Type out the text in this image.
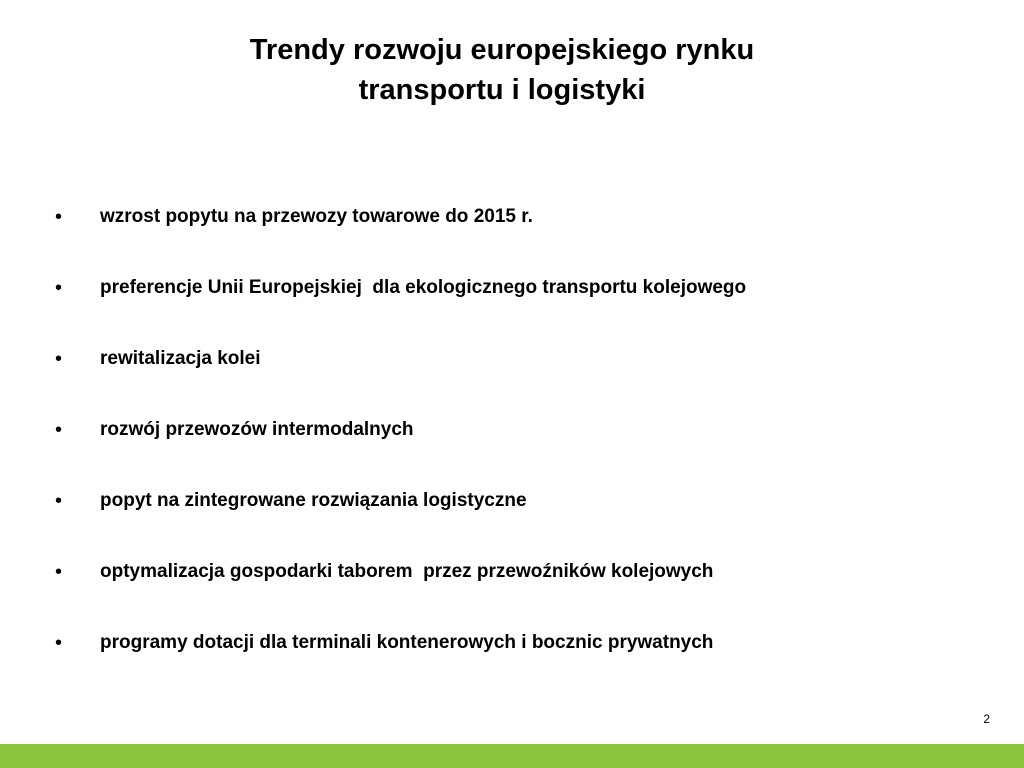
Trendy rozwoju europejskiego rynku
transportu i logistyki
• wzrost popytu na przewozy towarowe do 2015 r.
• preferencje Unii Europejskiej  dla ekologicznego transportu kolejowego
• rewitalizacja kolei
• rozwój przewozów intermodalnych
• popyt na zintegrowane rozwiązania logistyczne
• optymalizacja gospodarki taborem  przez przewoźników kolejowych
• programy dotacji dla terminali kontenerowych i bocznic prywatnych
2
